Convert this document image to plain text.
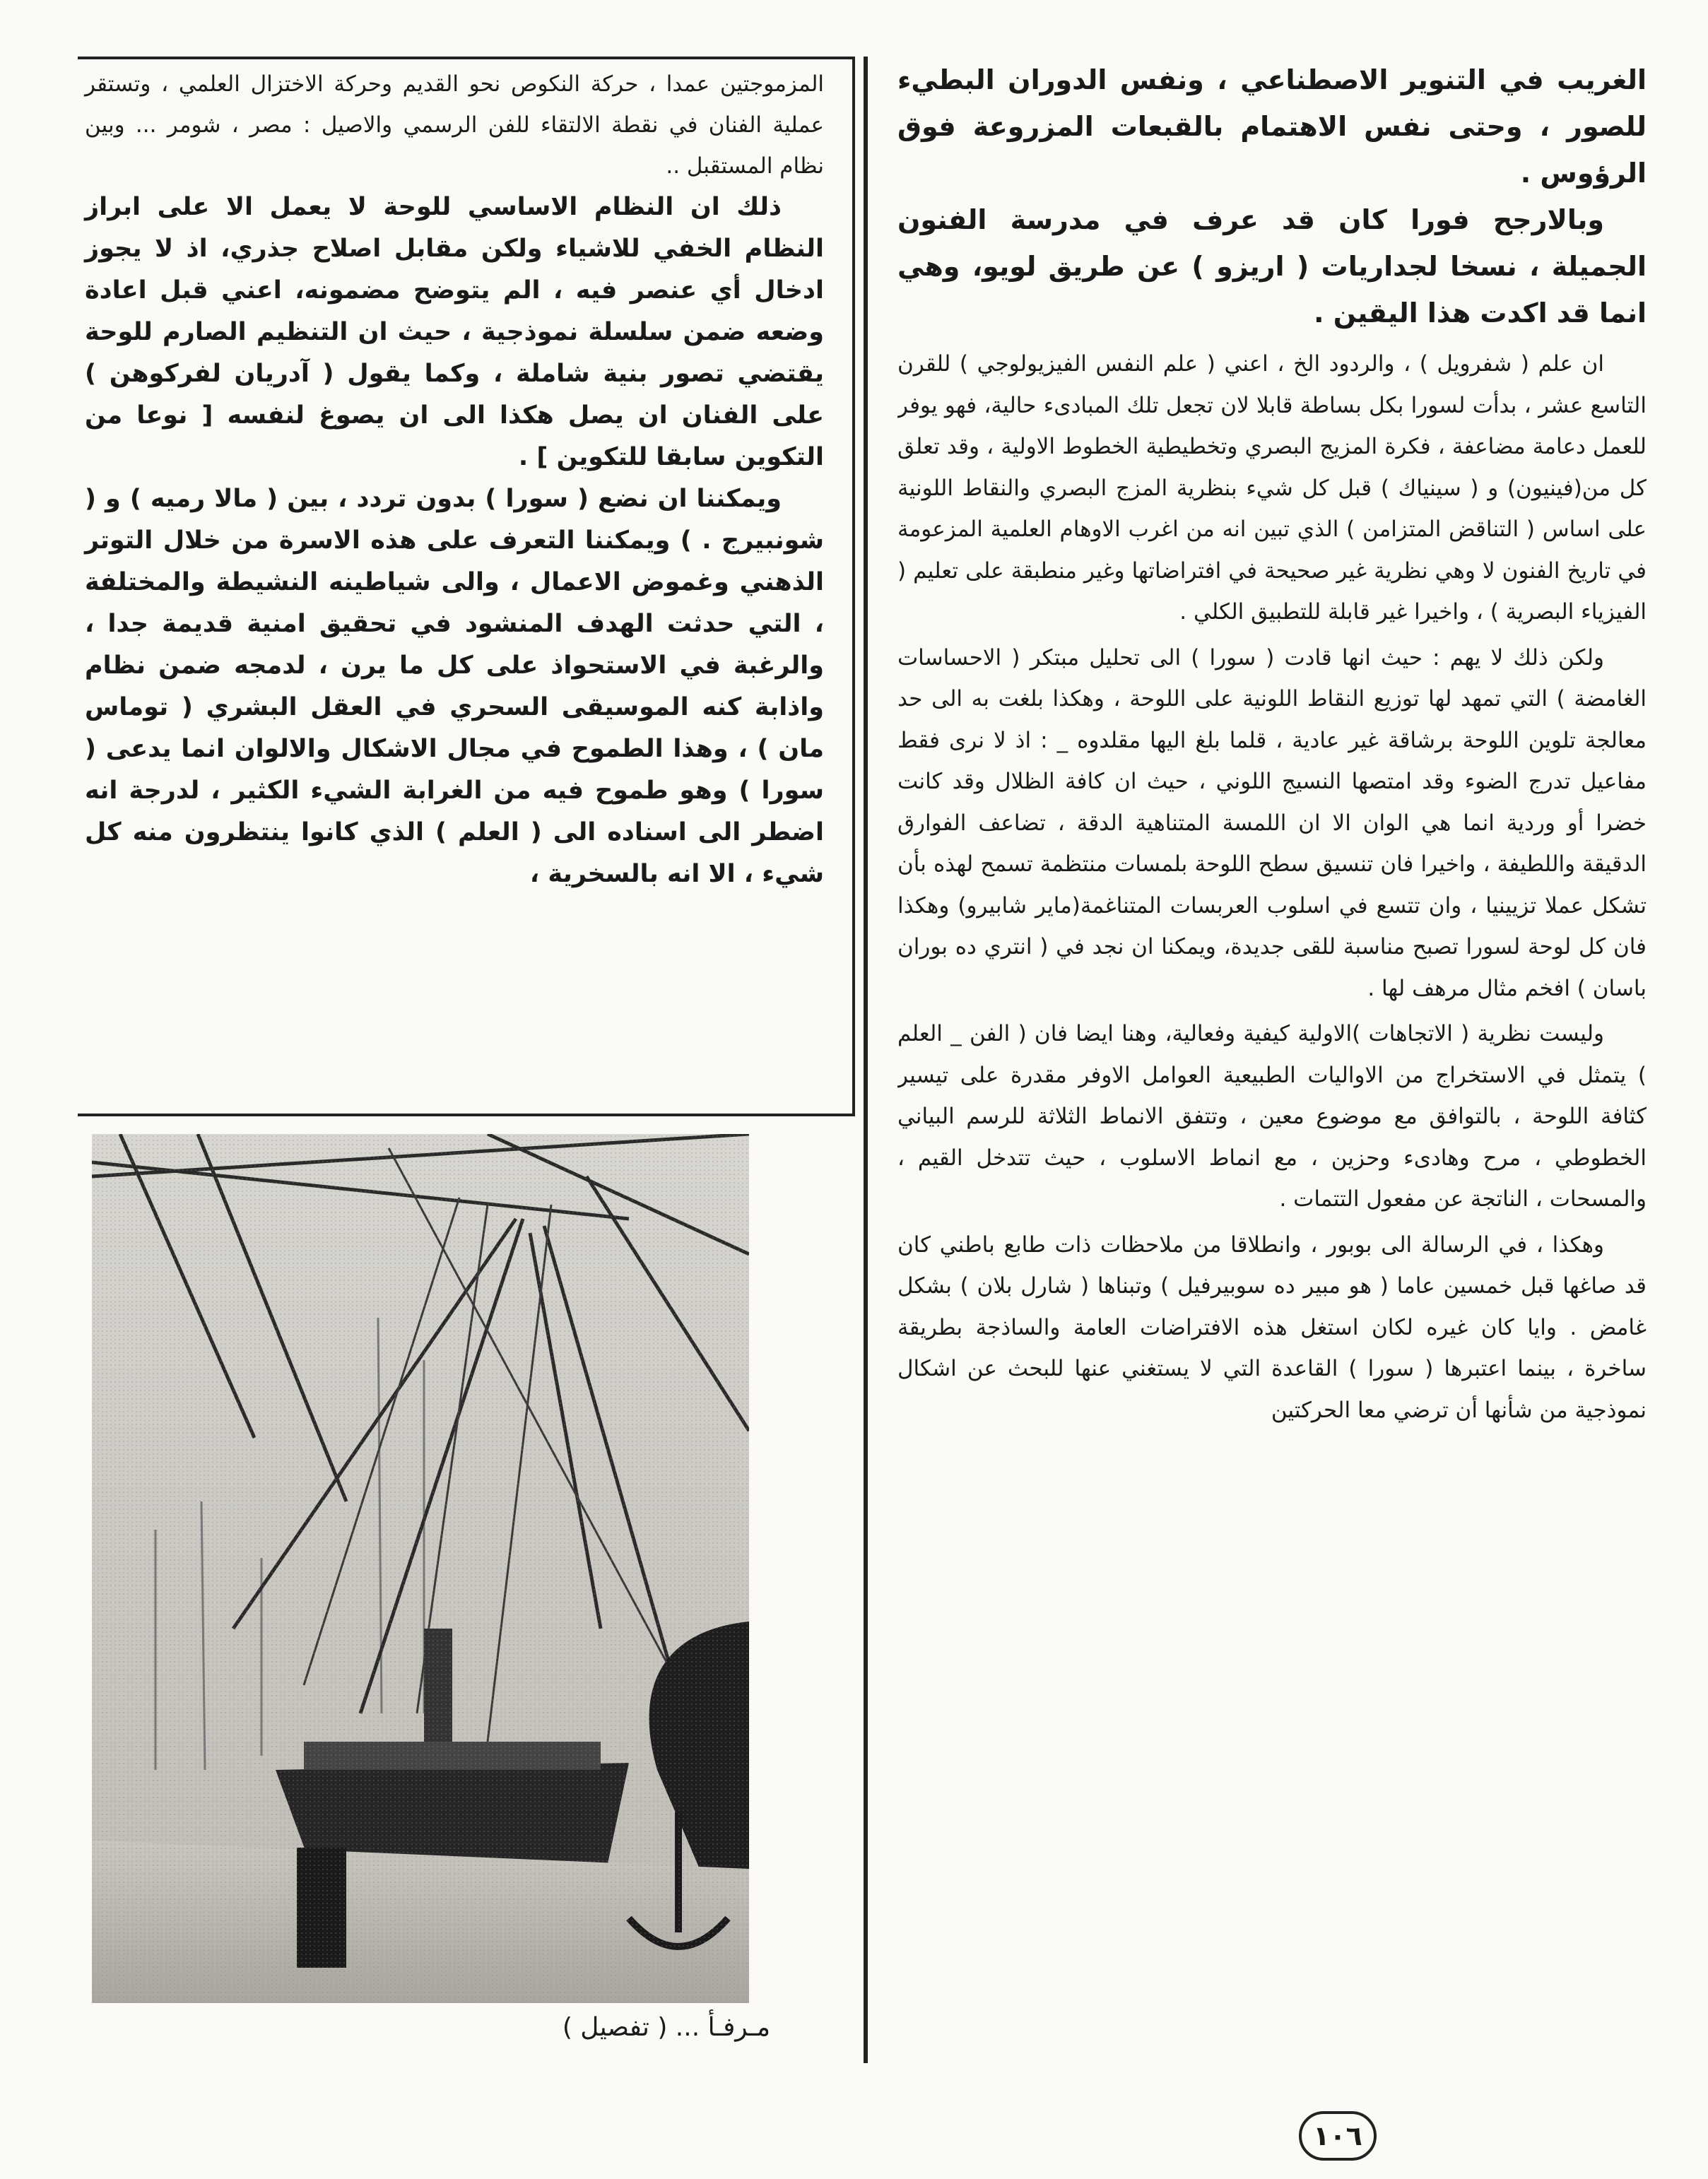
الغريب في التنوير الاصطناعي ، ونفس الدوران البطيء للصور ، وحتى نفس الاهتمام بالقبعات المزروعة فوق الرؤوس .

وبالارجح فورا كان قد عرف في مدرسة الفنون الجميلة ، نسخا لجداريات ( اريزو ) عن طريق لويو، وهي انما قد اكدت هذا اليقين .

ان علم ( شفرويل ) ، والردود الخ ، اعني ( علم النفس الفيزيولوجي ) للقرن التاسع عشر ، بدأت لسورا بكل بساطة قابلا لان تجعل تلك المبادىء حالية، فهو يوفر للعمل دعامة مضاعفة ، فكرة المزيج البصري وتخطيطية الخطوط الاولية ، وقد تعلق كل من(فينيون) و ( سينياك ) قبل كل شيء بنظرية المزج البصري والنقاط اللونية على اساس ( التناقض المتزامن ) الذي تبين انه من اغرب الاوهام العلمية المزعومة في تاريخ الفنون لا وهي نظرية غير صحيحة في افتراضاتها وغير منطبقة على تعليم ( الفيزياء البصرية ) ، واخيرا غير قابلة للتطبيق الكلي .

ولكن ذلك لا يهم : حيث انها قادت ( سورا ) الى تحليل مبتكر ( الاحساسات الغامضة ) التي تمهد لها توزيع النقاط اللونية على اللوحة ، وهكذا بلغت به الى حد معالجة تلوين اللوحة برشاقة غير عادية ، قلما بلغ اليها مقلدوه _ : اذ لا نرى فقط مفاعيل تدرج الضوء وقد امتصها النسيج اللوني ، حيث ان كافة الظلال وقد كانت خضرا أو وردية انما هي الوان الا ان اللمسة المتناهية الدقة ، تضاعف الفوارق الدقيقة واللطيفة ، واخيرا فان تنسيق سطح اللوحة بلمسات منتظمة تسمح لهذه بأن تشكل عملا تزيينيا ، وان تتسع في اسلوب العربسات المتناغمة(ماير شابيرو) وهكذا فان كل لوحة لسورا تصبح مناسبة للقى جديدة، ويمكنا ان نجد في ( انتري ده بوران باسان ) افخم مثال مرهف لها .

وليست نظرية ( الاتجاهات )الاولية كيفية وفعالية، وهنا ايضا فان ( الفن _ العلم ) يتمثل في الاستخراج من الاواليات الطبيعية العوامل الاوفر مقدرة على تيسير كثافة اللوحة ، بالتوافق مع موضوع معين ، وتتفق الانماط الثلاثة للرسم البياني الخطوطي ، مرح وهادىء وحزين ، مع انماط الاسلوب ، حيث تتدخل القيم ، والمسحات ، الناتجة عن مفعول التتمات .

وهكذا ، في الرسالة الى بوبور ، وانطلاقا من ملاحظات ذات طابع باطني كان قد صاغها قبل خمسين عاما ( هو مبير ده سوبيرفيل ) وتبناها ( شارل بلان ) بشكل غامض . وايا كان غيره لكان استغل هذه الافتراضات العامة والساذجة بطريقة ساخرة ، بينما اعتبرها ( سورا ) القاعدة التي لا يستغني عنها للبحث عن اشكال نموذجية من شأنها أن ترضي معا الحركتين

المزموجتين عمدا ، حركة النكوص نحو القديم وحركة الاختزال العلمي ، وتستقر عملية الفنان في نقطة الالتقاء للفن الرسمي والاصيل : مصر ، شومر ... وبين نظام المستقبل ..

ذلك ان النظام الاساسي للوحة لا يعمل الا على ابراز النظام الخفي للاشياء ولكن مقابل اصلاح جذري، اذ لا يجوز ادخال أي عنصر فيه ، الم يتوضح مضمونه، اعني قبل اعادة وضعه ضمن سلسلة نموذجية ، حيث ان التنظيم الصارم للوحة يقتضي تصور بنية شاملة ، وكما يقول ( آدريان لفركوهن ) على الفنان ان يصل هكذا الى ان يصوغ لنفسه [ نوعا من التكوين سابقا للتكوين ] .

ويمكننا ان نضع ( سورا ) بدون تردد ، بين ( مالا رميه ) و ( شونبيرج . ) ويمكننا التعرف على هذه الاسرة من خلال التوتر الذهني وغموض الاعمال ، والى شياطينه النشيطة والمختلفة ، التي حدثت الهدف المنشود في تحقيق امنية قديمة جدا ، والرغبة في الاستحواذ على كل ما يرن ، لدمجه ضمن نظام واذابة كنه الموسيقى السحري في العقل البشري ( توماس مان ) ، وهذا الطموح في مجال الاشكال والالوان انما يدعى ( سورا ) وهو طموح فيه من الغرابة الشيء الكثير ، لدرجة انه اضطر الى اسناده الى ( العلم ) الذي كانوا ينتظرون منه كل شيء ، الا انه بالسخرية ،

مـرفـأ ... ( تفصيل )
١٠٦
